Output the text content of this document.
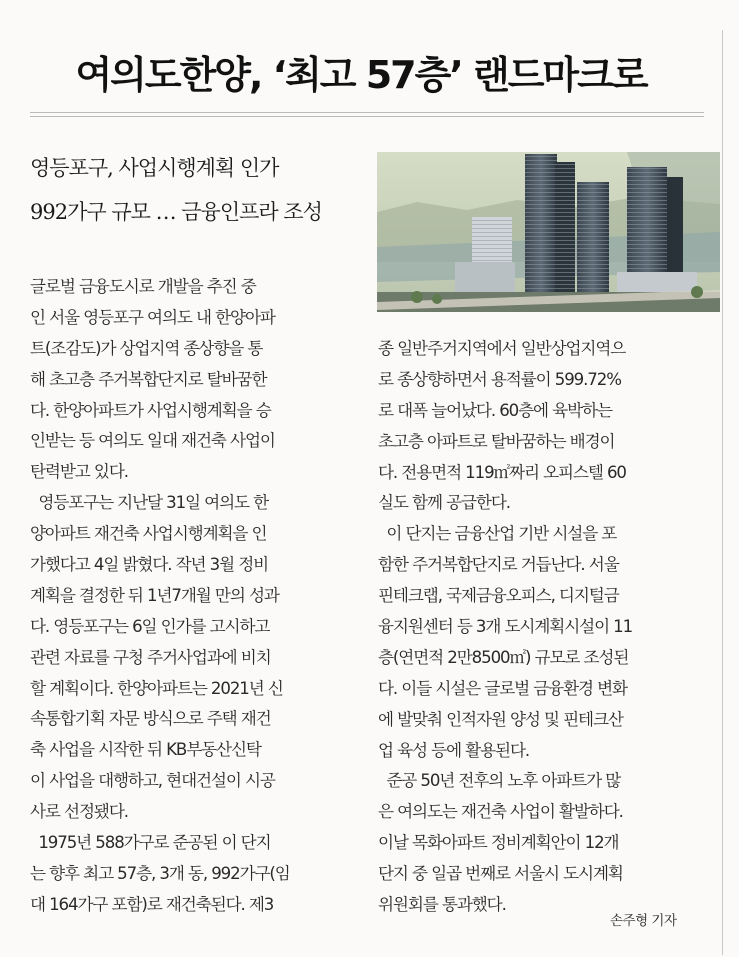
여의도한양, ‘최고 57층’ 랜드마크로
영등포구, 사업시행계획 인가
992가구 규모 … 금융인프라 조성
글로벌 금융도시로 개발을 추진 중
인 서울 영등포구 여의도 내 한양아파
트(조감도)가 상업지역 종상향을 통
해 초고층 주거복합단지로 탈바꿈한
다. 한양아파트가 사업시행계획을 승
인받는 등 여의도 일대 재건축 사업이
탄력받고 있다.
영등포구는 지난달 31일 여의도 한
양아파트 재건축 사업시행계획을 인
가했다고 4일 밝혔다. 작년 3월 정비
계획을 결정한 뒤 1년7개월 만의 성과
다. 영등포구는 6일 인가를 고시하고
관련 자료를 구청 주거사업과에 비치
할 계획이다. 한양아파트는 2021년 신
속통합기획 자문 방식으로 주택 재건
축 사업을 시작한 뒤 KB부동산신탁
이 사업을 대행하고, 현대건설이 시공
사로 선정됐다.
1975년 588가구로 준공된 이 단지
는 향후 최고 57층, 3개 동, 992가구(임
대 164가구 포함)로 재건축된다. 제3
종 일반주거지역에서 일반상업지역으
로 종상향하면서 용적률이 599.72%
로 대폭 늘어났다. 60층에 육박하는
초고층 아파트로 탈바꿈하는 배경이
다. 전용면적 119㎡짜리 오피스텔 60
실도 함께 공급한다.
이 단지는 금융산업 기반 시설을 포
함한 주거복합단지로 거듭난다. 서울
핀테크랩, 국제금융오피스, 디지털금
융지원센터 등 3개 도시계획시설이 11
층(연면적 2만8500㎡) 규모로 조성된
다. 이들 시설은 글로벌 금융환경 변화
에 발맞춰 인적자원 양성 및 핀테크산
업 육성 등에 활용된다.
준공 50년 전후의 노후 아파트가 많
은 여의도는 재건축 사업이 활발하다.
이날 목화아파트 정비계획안이 12개
단지 중 일곱 번째로 서울시 도시계획
위원회를 통과했다.
손주형 기자
